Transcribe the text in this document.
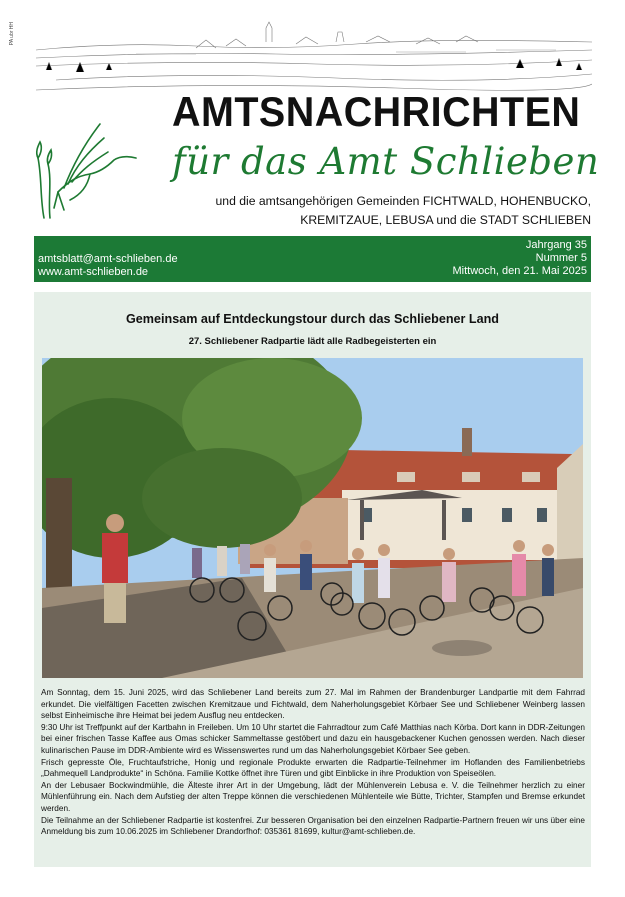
PA ubr HH
AMTSNACHRICHTEN
für das Amt Schlieben
und die amtsangehörigen Gemeinden FICHTWALD, HOHENBUCKO,
KREMITZAUE, LEBUSA und die STADT SCHLIEBEN
amtsblatt@amt-schlieben.de
www.amt-schlieben.de
Jahrgang 35
Nummer 5
Mittwoch, den 21. Mai 2025
Gemeinsam auf Entdeckungstour durch das Schliebener Land
27. Schliebener Radpartie lädt alle Radbegeisterten ein

Am Sonntag, dem 15. Juni 2025, wird das Schliebener Land bereits zum 27. Mal im Rahmen der Brandenburger Landpartie mit dem Fahrrad erkundet. Die vielfältigen Facetten zwischen Kremitzaue und Fichtwald, dem Naherholungsgebiet Körbaer See und Schliebener Weinberg lassen selbst Einheimische ihre Heimat bei jedem Ausflug neu entdecken.

9:30 Uhr ist Treffpunkt auf der Kartbahn in Freileben. Um 10 Uhr startet die Fahrradtour zum Café Matthias nach Körba. Dort kann in DDR-Zeitungen bei einer frischen Tasse Kaffee aus Omas schicker Sammeltasse gestöbert und dazu ein hausgebackener Kuchen genossen werden. Nach dieser kulinarischen Pause im DDR-Ambiente wird es Wissenswertes rund um das Naherholungsgebiet Körbaer See geben.

Frisch gepresste Öle, Fruchtaufstriche, Honig und regionale Produkte erwarten die Radpartie-Teilnehmer im Hoflanden des Familienbetriebs „Dahmequell Landprodukte“ in Schöna. Familie Kottke öffnet ihre Türen und gibt Einblicke in ihre Produktion von Speiseölen.

An der Lebusaer Bockwindmühle, die Älteste ihrer Art in der Umgebung, lädt der Mühlenverein Lebusa e. V. die Teilnehmer herzlich zu einer Mühlenführung ein. Nach dem Aufstieg der alten Treppe können die verschiedenen Mühlenteile wie Bütte, Trichter, Stampfen und Bremse erkundet werden.

Die Teilnahme an der Schliebener Radpartie ist kostenfrei. Zur besseren Organisation bei den einzelnen Radpartie-Partnern freuen wir uns über eine Anmeldung bis zum 10.06.2025 im Schliebener Drandorfhof: 035361 81699, kultur@amt-schlieben.de.
